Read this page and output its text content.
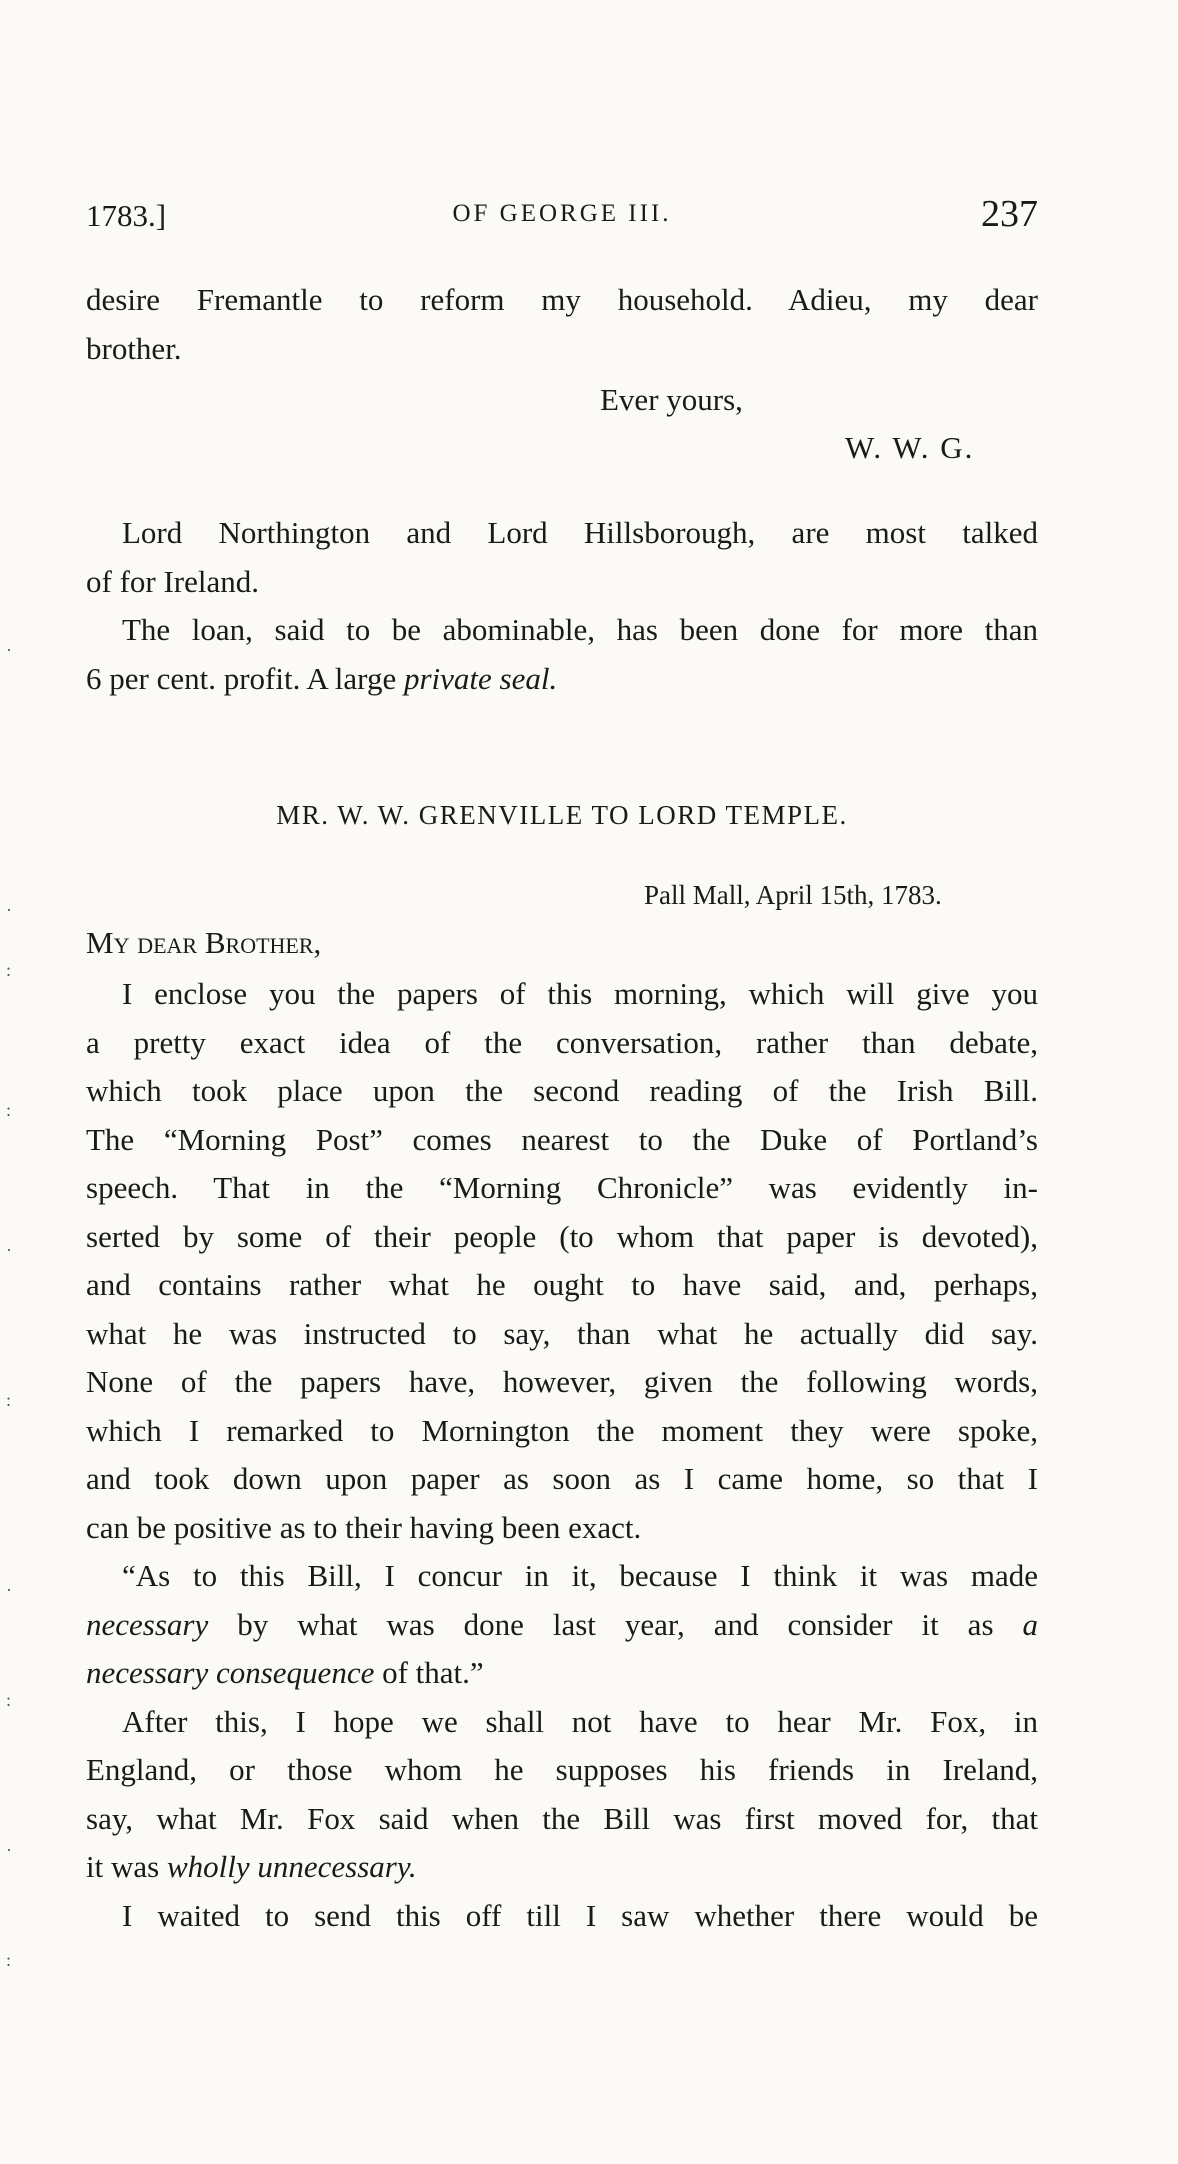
·
·
:
:
·
:
·
:
·
:
1783.]	OF GEORGE III.	237
desire Fremantle to reform my household. Adieu, my dear
brother.
Ever yours,
W. W. G.
Lord Northington and Lord Hillsborough, are most talked
of for Ireland.
The loan, said to be abominable, has been done for more than
6 per cent. profit. A large private seal.
MR. W. W. GRENVILLE TO LORD TEMPLE.
Pall Mall, April 15th, 1783.
My dear Brother,
I enclose you the papers of this morning, which will give you
a pretty exact idea of the conversation, rather than debate,
which took place upon the second reading of the Irish Bill.
The “Morning Post” comes nearest to the Duke of Portland’s
speech. That in the “Morning Chronicle” was evidently in-
serted by some of their people (to whom that paper is devoted),
and contains rather what he ought to have said, and, perhaps,
what he was instructed to say, than what he actually did say.
None of the papers have, however, given the following words,
which I remarked to Mornington the moment they were spoke,
and took down upon paper as soon as I came home, so that I
can be positive as to their having been exact.
“As to this Bill, I concur in it, because I think it was made
necessary by what was done last year, and consider it as a
necessary consequence of that.”
After this, I hope we shall not have to hear Mr. Fox, in
England, or those whom he supposes his friends in Ireland,
say, what Mr. Fox said when the Bill was first moved for, that
it was wholly unnecessary.
I waited to send this off till I saw whether there would be
